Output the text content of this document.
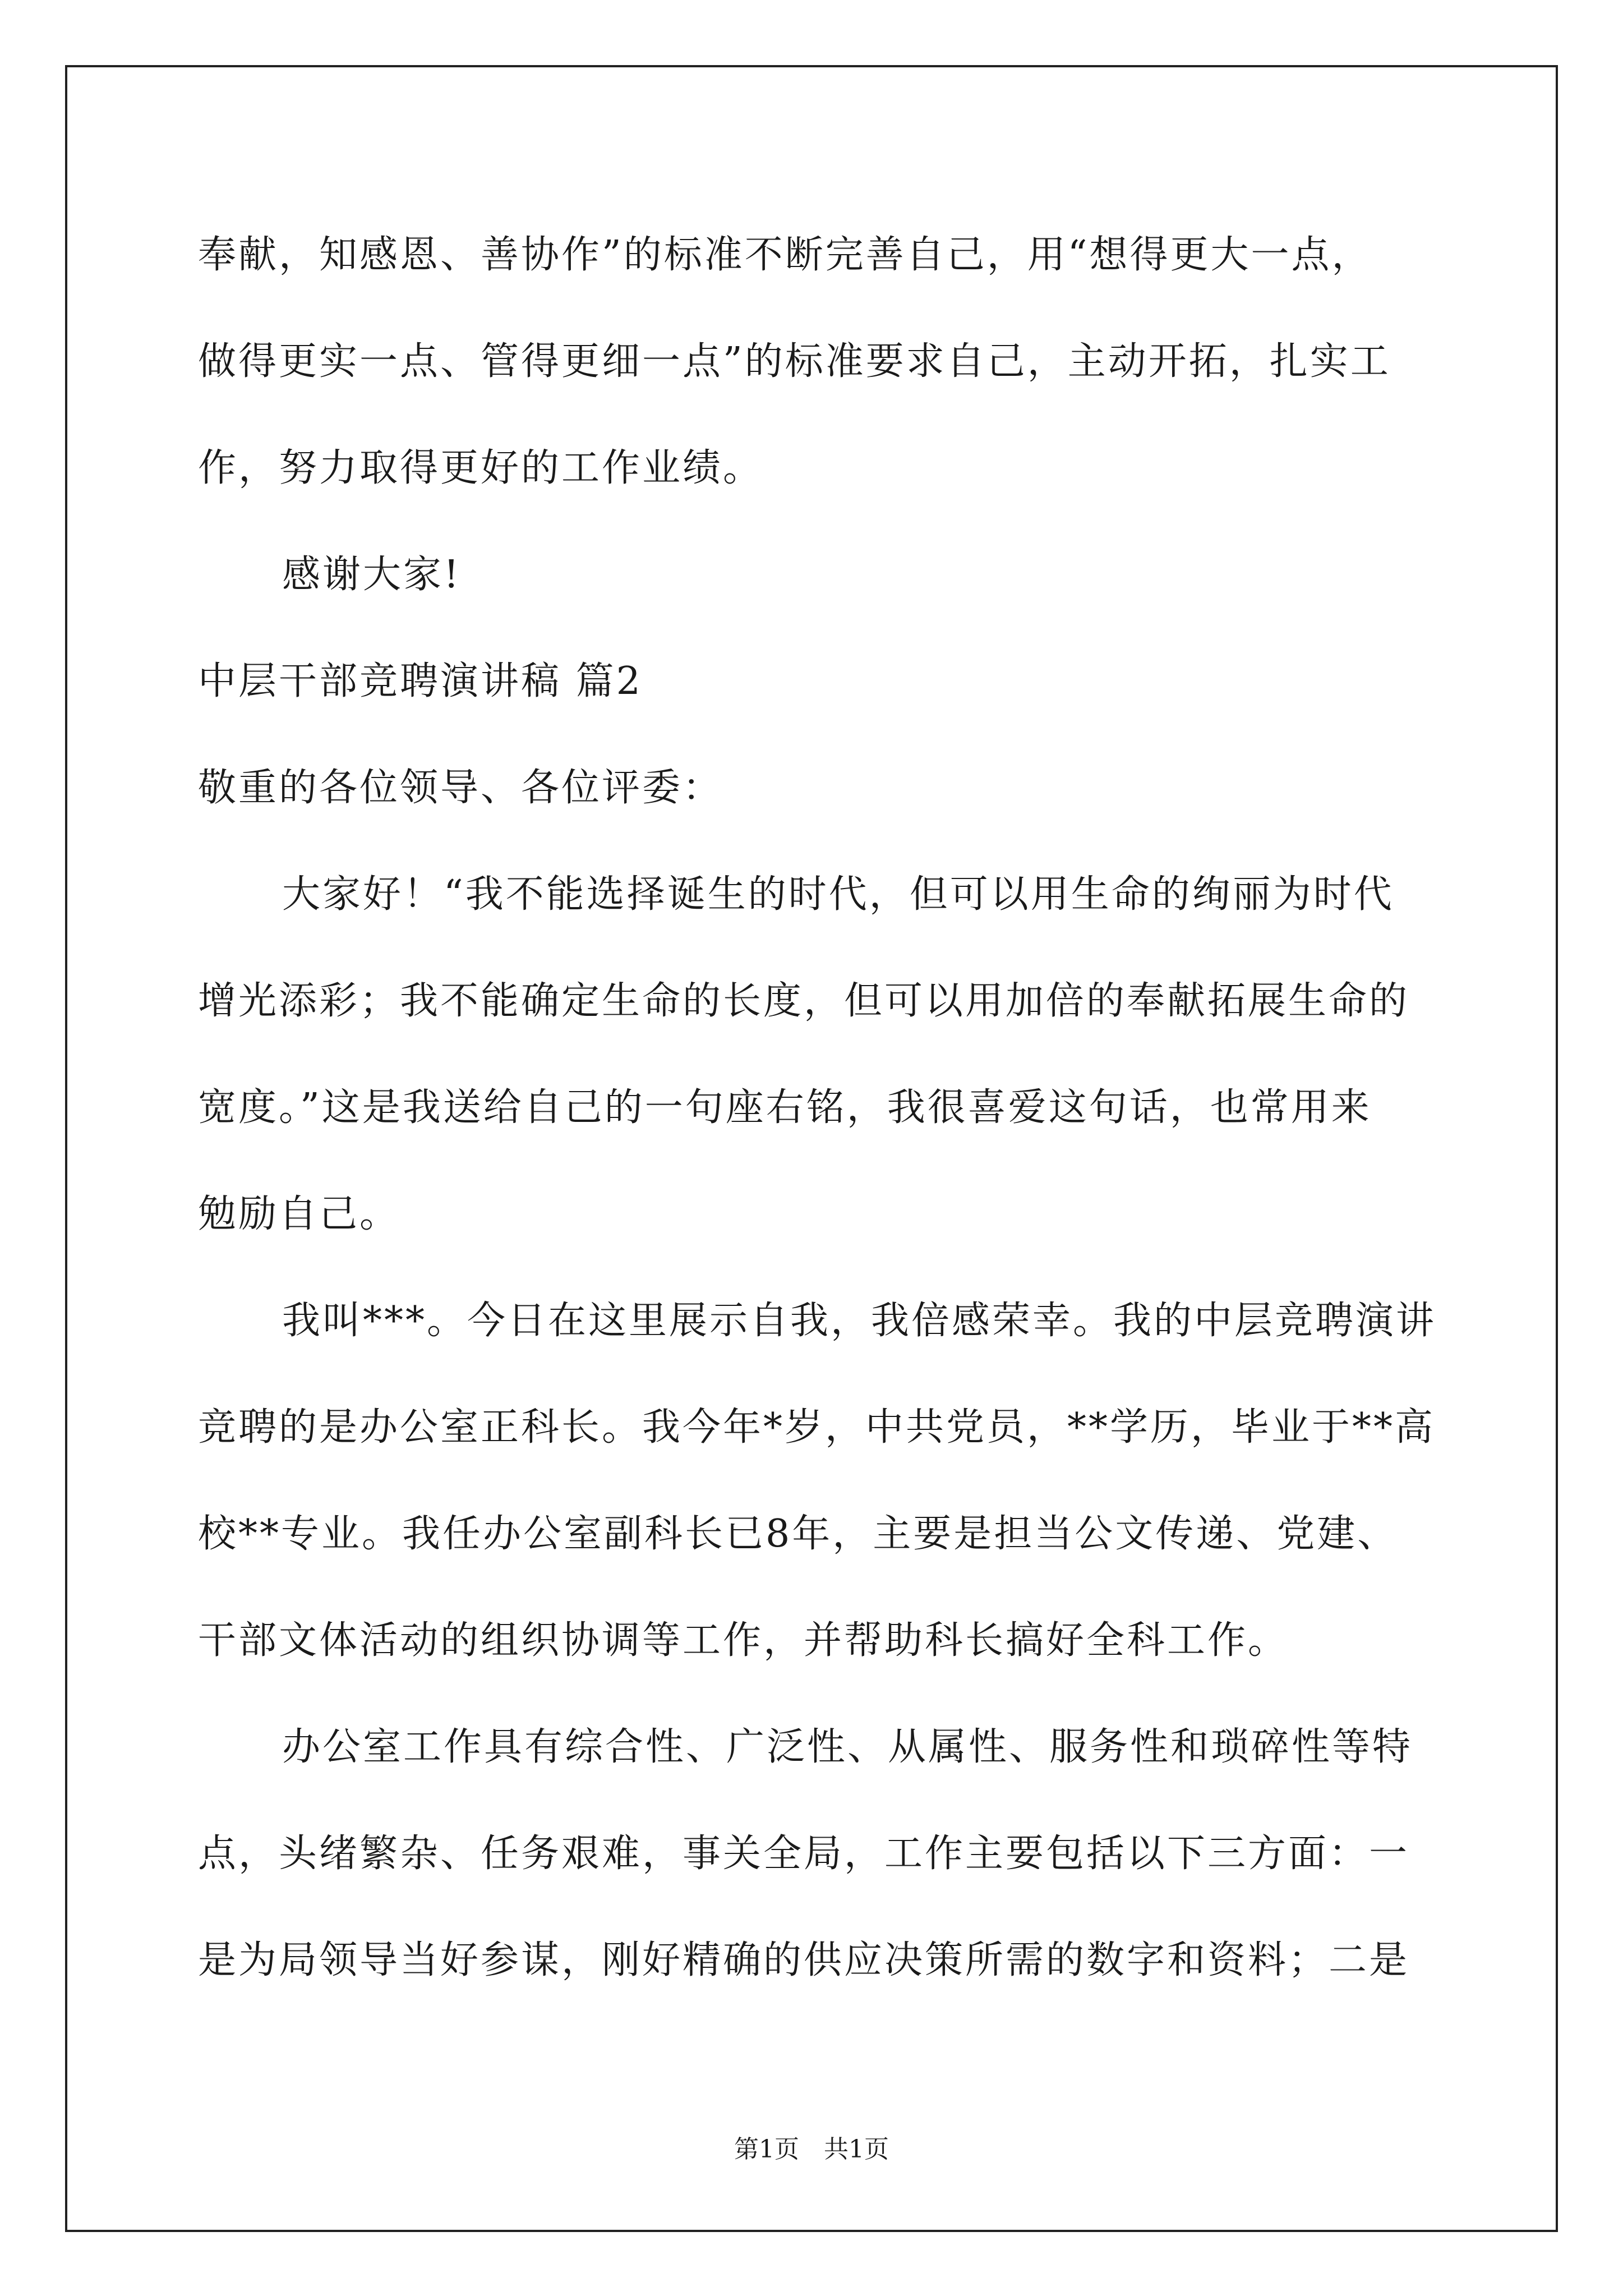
奉献，知感恩、善协作”的标准不断完善自己，用“想得更大一点，
做得更实一点、管得更细一点”的标准要求自己，主动开拓，扎实工
作，努力取得更好的工作业绩。
感谢大家!
中层干部竞聘演讲稿 篇2
敬重的各位领导、各位评委：
大家好！“我不能选择诞生的时代，但可以用生命的绚丽为时代
增光添彩；我不能确定生命的长度，但可以用加倍的奉献拓展生命的
宽度。”这是我送给自己的一句座右铭，我很喜爱这句话，也常用来
勉励自己。
我叫***。今日在这里展示自我，我倍感荣幸。我的中层竞聘演讲
竞聘的是办公室正科长。我今年*岁，中共党员，**学历，毕业于**高
校**专业。我任办公室副科长已8年，主要是担当公文传递、党建、
干部文体活动的组织协调等工作，并帮助科长搞好全科工作。
办公室工作具有综合性、广泛性、从属性、服务性和琐碎性等特
点，头绪繁杂、任务艰难，事关全局，工作主要包括以下三方面：一
是为局领导当好参谋，刚好精确的供应决策所需的数字和资料；二是
第1页　共1页
